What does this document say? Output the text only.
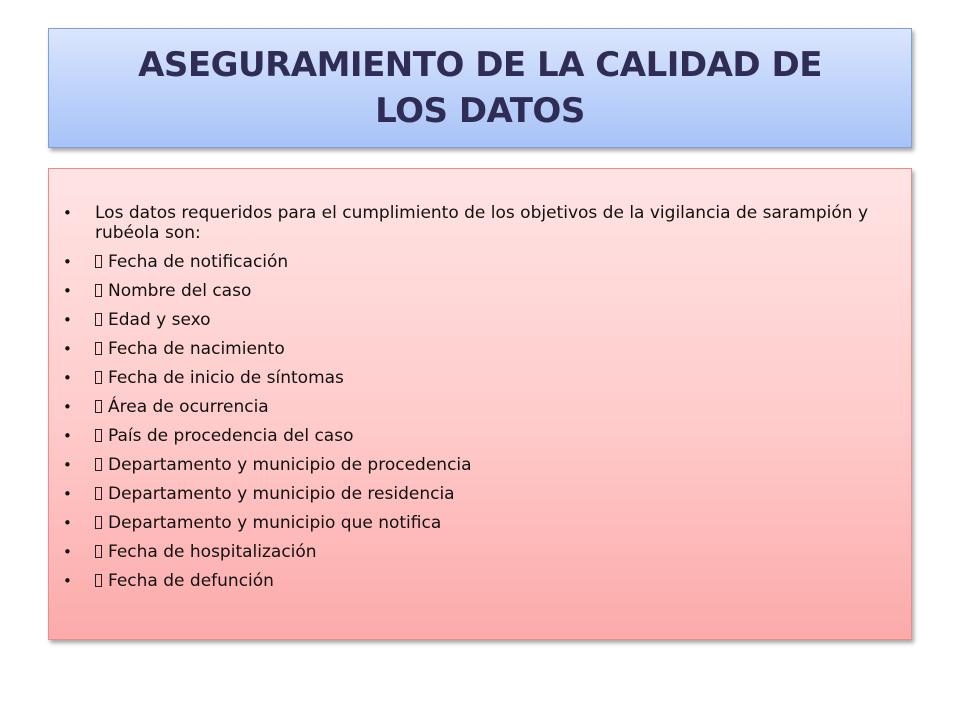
ASEGURAMIENTO DE LA CALIDAD DE LOS DATOS
• Los datos requeridos para el cumplimiento de los objetivos de la vigilancia de sarampión y rubéola son:
• Fecha de notificación
• Nombre del caso
• Edad y sexo
• Fecha de nacimiento
• Fecha de inicio de síntomas
• Área de ocurrencia
• País de procedencia del caso
• Departamento y municipio de procedencia
• Departamento y municipio de residencia
• Departamento y municipio que notifica
• Fecha de hospitalización
• Fecha de defunción
